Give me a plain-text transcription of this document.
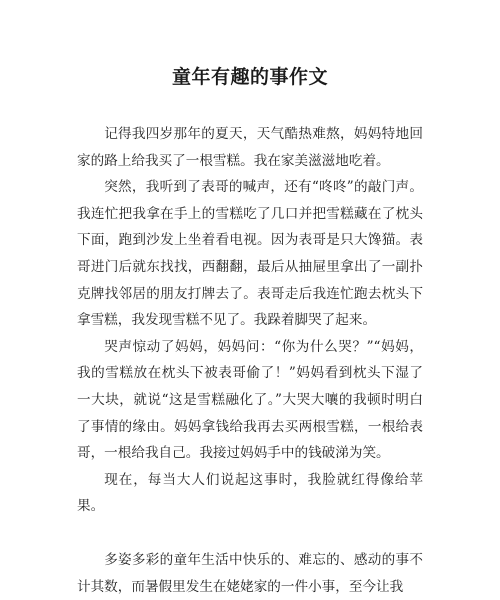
童年有趣的事作文

记得我四岁那年的夏天，天气酷热难熬，妈妈特地回家的路上给我买了一根雪糕。我在家美滋滋地吃着。

突然，我听到了表哥的喊声，还有“咚咚”的敲门声。我连忙把我拿在手上的雪糕吃了几口并把雪糕藏在了枕头下面，跑到沙发上坐着看电视。因为表哥是只大馋猫。表哥进门后就东找找，西翻翻，最后从抽屉里拿出了一副扑克牌找邻居的朋友打牌去了。表哥走后我连忙跑去枕头下拿雪糕，我发现雪糕不见了。我跺着脚哭了起来。

哭声惊动了妈妈，妈妈问：“你为什么哭？”“妈妈，我的雪糕放在枕头下被表哥偷了！”妈妈看到枕头下湿了一大块，就说“这是雪糕融化了。”大哭大嚷的我顿时明白了事情的缘由。妈妈拿钱给我再去买两根雪糕，一根给表哥，一根给我自己。我接过妈妈手中的钱破涕为笑。

现在，每当大人们说起这事时，我脸就红得像给苹果。

多姿多彩的童年生活中快乐的、难忘的、感动的事不计其数，而暑假里发生在姥姥家的一件小事，至今让我
